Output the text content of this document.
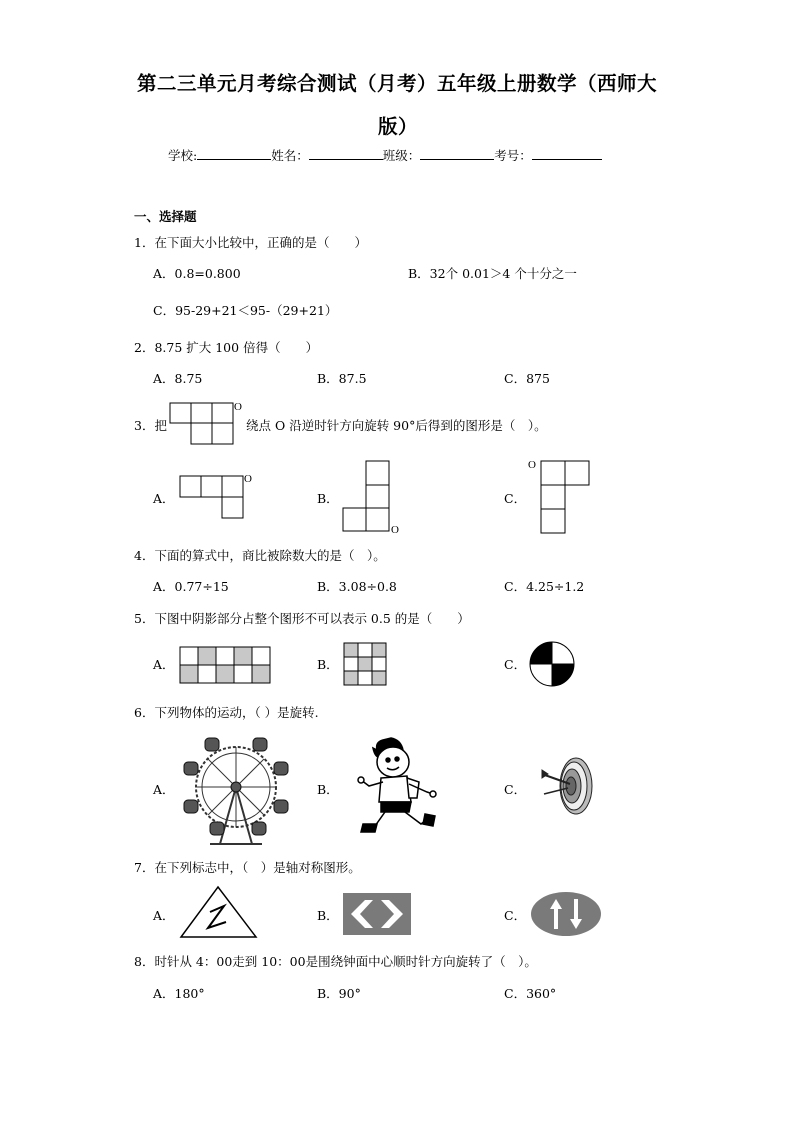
第二三单元月考综合测试（月考）五年级上册数学（西师大
版）
学校:	姓名：	班级：	考号：
一、选择题
1．在下面大小比较中，正确的是（　　）
A．0.8=0.800	B．32个 0.01＞4 个十分之一
C．95-29+21＜95-（29+21）
2．8.75 扩大 100 倍得（　　）
A．8.75	B．87.5	C．875
3．把
O
绕点 O 沿逆时针方向旋转 90°后得到的图形是（　）。
A．
O
B．
O
C．
O
4．下面的算式中，商比被除数大的是（　）。
A．0.77÷15	B．3.08÷0.8	C．4.25÷1.2
5．下图中阴影部分占整个图形不可以表示 0.5 的是（　　）
A．	B．	C．
6．下列物体的运动，（ ）是旋转.
A．	B．	C．
7．在下列标志中，（　）是轴对称图形。
A．	B．	C．
8．时针从 4：00走到 10：00是围绕钟面中心顺时针方向旋转了（　）。
A．180°	B．90°	C．360°
